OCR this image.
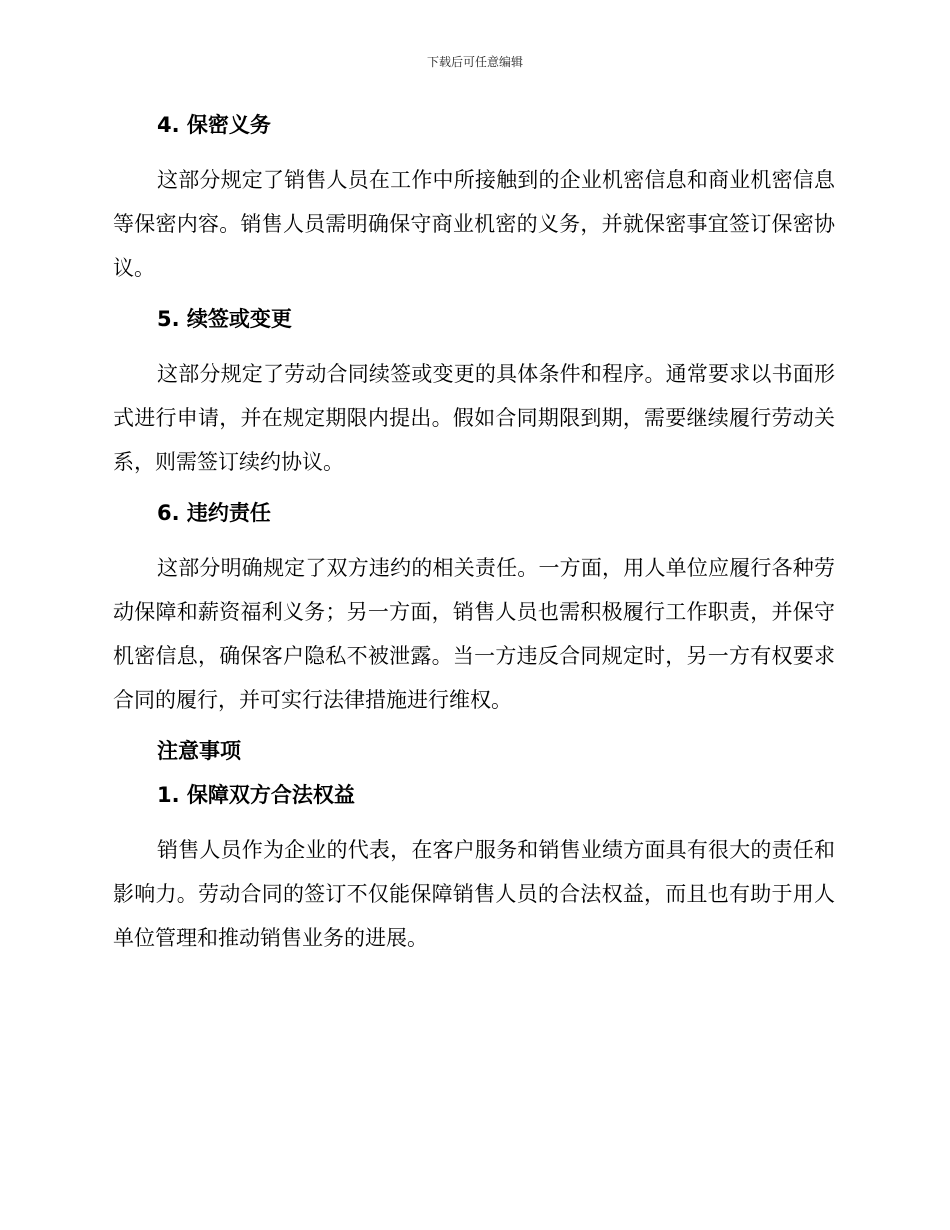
下载后可任意编辑
4. 保密义务

这部分规定了销售人员在工作中所接触到的企业机密信息和商业机密信息等保密内容。销售人员需明确保守商业机密的义务，并就保密事宜签订保密协议。

5. 续签或变更

这部分规定了劳动合同续签或变更的具体条件和程序。通常要求以书面形式进行申请，并在规定期限内提出。假如合同期限到期，需要继续履行劳动关系，则需签订续约协议。

6. 违约责任

这部分明确规定了双方违约的相关责任。一方面，用人单位应履行各种劳动保障和薪资福利义务；另一方面，销售人员也需积极履行工作职责，并保守机密信息，确保客户隐私不被泄露。当一方违反合同规定时，另一方有权要求合同的履行，并可实行法律措施进行维权。

注意事项
1. 保障双方合法权益

销售人员作为企业的代表，在客户服务和销售业绩方面具有很大的责任和影响力。劳动合同的签订不仅能保障销售人员的合法权益，而且也有助于用人单位管理和推动销售业务的进展。
